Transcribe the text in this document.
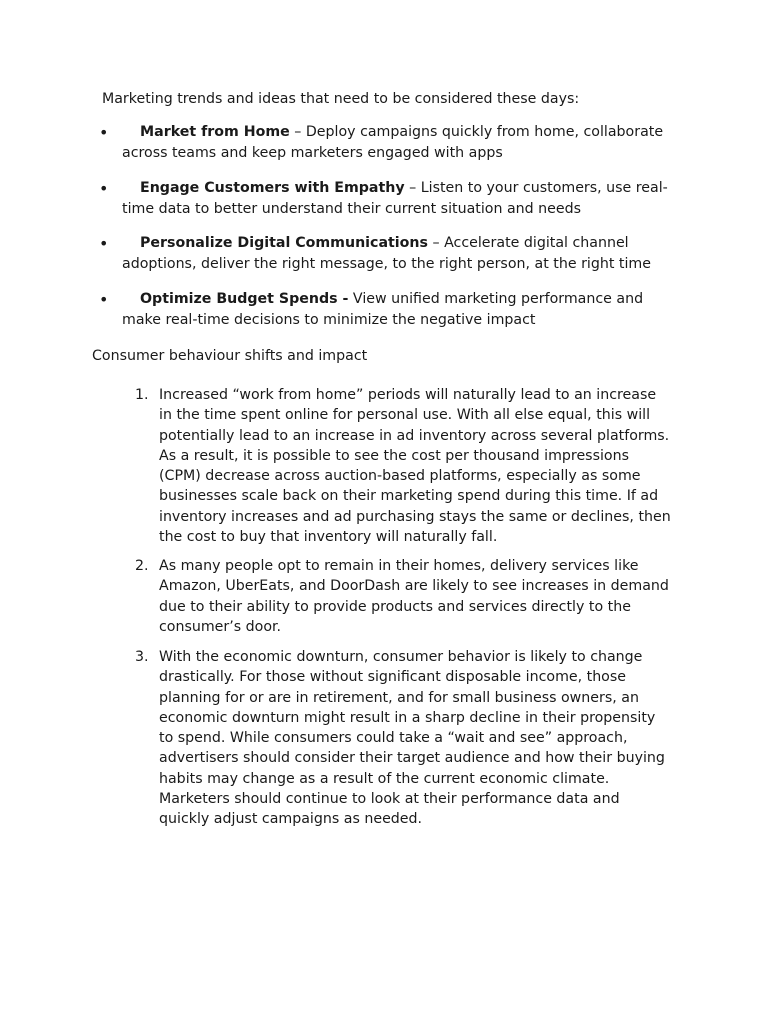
Marketing trends and ideas that need to be considered these days:
• Market from Home – Deploy campaigns quickly from home, collaborate
across teams and keep marketers engaged with apps
• Engage Customers with Empathy – Listen to your customers, use real-
time data to better understand their current situation and needs
• Personalize Digital Communications – Accelerate digital channel
adoptions, deliver the right message, to the right person, at the right time
• Optimize Budget Spends - View unified marketing performance and
make real-time decisions to minimize the negative impact
Consumer behaviour shifts and impact
1. Increased “work from home” periods will naturally lead to an increase
in the time spent online for personal use. With all else equal, this will
potentially lead to an increase in ad inventory across several platforms.
As a result, it is possible to see the cost per thousand impressions
(CPM) decrease across auction-based platforms, especially as some
businesses scale back on their marketing spend during this time. If ad
inventory increases and ad purchasing stays the same or declines, then
the cost to buy that inventory will naturally fall.
2. As many people opt to remain in their homes, delivery services like
Amazon, UberEats, and DoorDash are likely to see increases in demand
due to their ability to provide products and services directly to the
consumer’s door.
3. With the economic downturn, consumer behavior is likely to change
drastically. For those without significant disposable income, those
planning for or are in retirement, and for small business owners, an
economic downturn might result in a sharp decline in their propensity
to spend. While consumers could take a “wait and see” approach,
advertisers should consider their target audience and how their buying
habits may change as a result of the current economic climate.
Marketers should continue to look at their performance data and
quickly adjust campaigns as needed.
